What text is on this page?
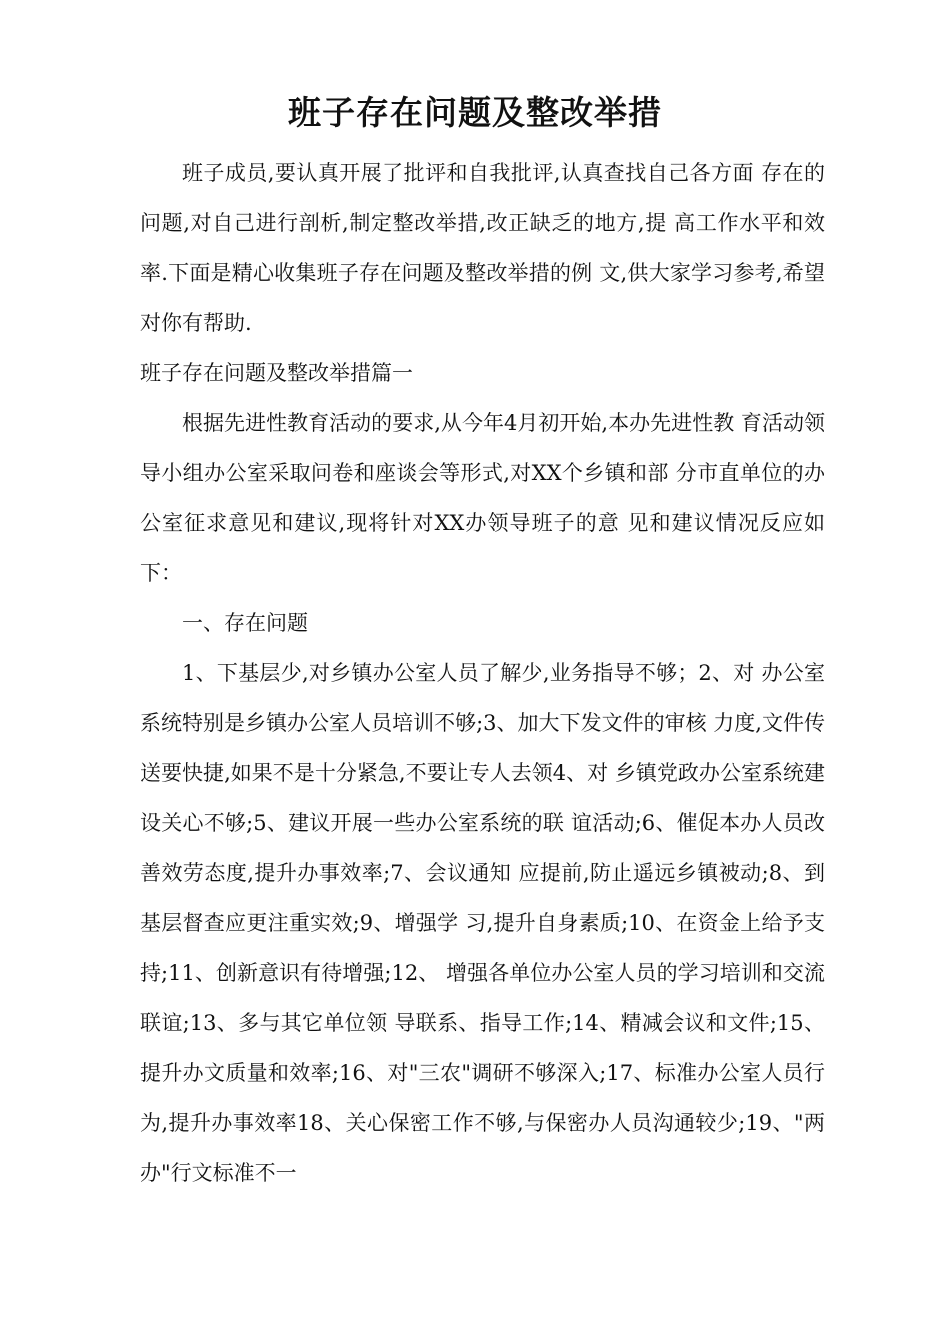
班子存在问题及整改举措

班子成员,要认真开展了批评和自我批评,认真查找自己各方面 存在的问题,对自己进行剖析,制定整改举措,改正缺乏的地方,提 高工作水平和效率.下面是精心收集班子存在问题及整改举措的例 文,供大家学习参考,希望对你有帮助.

班子存在问题及整改举措篇一

根据先进性教育活动的要求,从今年4月初开始,本办先进性教 育活动领导小组办公室采取问卷和座谈会等形式,对XX个乡镇和部 分市直单位的办公室征求意见和建议,现将针对XX办领导班子的意 见和建议情况反应如下：

一、存在问题

1、下基层少,对乡镇办公室人员了解少,业务指导不够；2、对 办公室系统特别是乡镇办公室人员培训不够;3、加大下发文件的审核 力度,文件传送要快捷,如果不是十分紧急,不要让专人去领4、对 乡镇党政办公室系统建设关心不够;5、建议开展一些办公室系统的联 谊活动;6、催促本办人员改善效劳态度,提升办事效率;7、会议通知 应提前,防止遥远乡镇被动;8、到基层督查应更注重实效;9、增强学 习,提升自身素质;10、在资金上给予支持;11、创新意识有待增强;12、 增强各单位办公室人员的学习培训和交流联谊;13、多与其它单位领 导联系、指导工作;14、精减会议和文件;15、提升办文质量和效率;16、对"三农"调研不够深入;17、标准办公室人员行为,提升办事效率18、关心保密工作不够,与保密办人员沟通较少;19、"两办"行文标准不一
